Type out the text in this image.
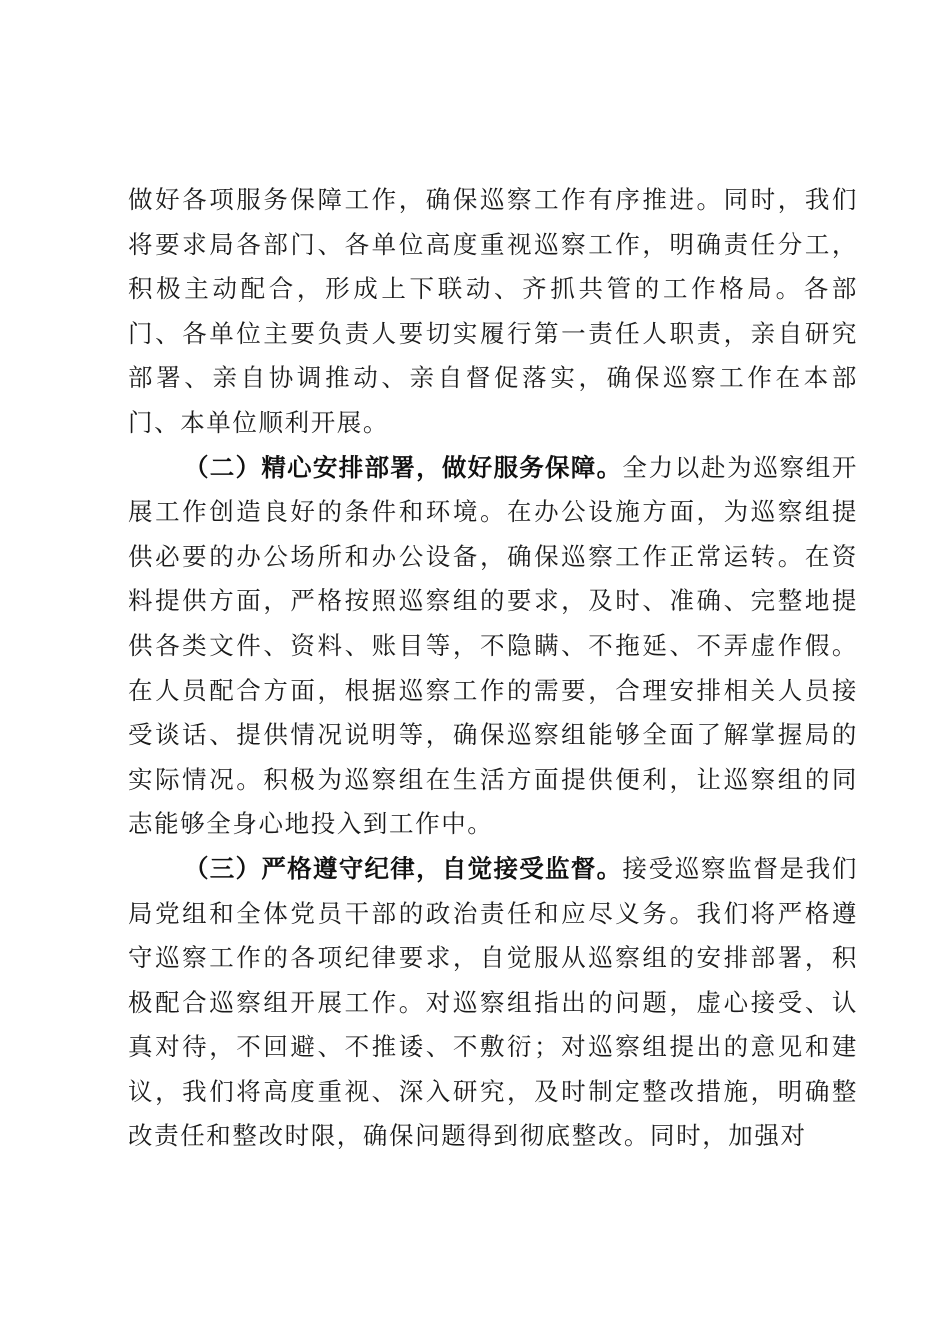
做好各项服务保障工作，确保巡察工作有序推进。同时，我们将要求局各部门、各单位高度重视巡察工作，明确责任分工，积极主动配合，形成上下联动、齐抓共管的工作格局。各部门、各单位主要负责人要切实履行第一责任人职责，亲自研究部署、亲自协调推动、亲自督促落实，确保巡察工作在本部门、本单位顺利开展。

（二）精心安排部署，做好服务保障。全力以赴为巡察组开展工作创造良好的条件和环境。在办公设施方面，为巡察组提供必要的办公场所和办公设备，确保巡察工作正常运转。在资料提供方面，严格按照巡察组的要求，及时、准确、完整地提供各类文件、资料、账目等，不隐瞒、不拖延、不弄虚作假。在人员配合方面，根据巡察工作的需要，合理安排相关人员接受谈话、提供情况说明等，确保巡察组能够全面了解掌握局的实际情况。积极为巡察组在生活方面提供便利，让巡察组的同志能够全身心地投入到工作中。

（三）严格遵守纪律，自觉接受监督。接受巡察监督是我们局党组和全体党员干部的政治责任和应尽义务。我们将严格遵守巡察工作的各项纪律要求，自觉服从巡察组的安排部署，积极配合巡察组开展工作。对巡察组指出的问题，虚心接受、认真对待，不回避、不推诿、不敷衍；对巡察组提出的意见和建议，我们将高度重视、深入研究，及时制定整改措施，明确整改责任和整改时限，确保问题得到彻底整改。同时，加强对
